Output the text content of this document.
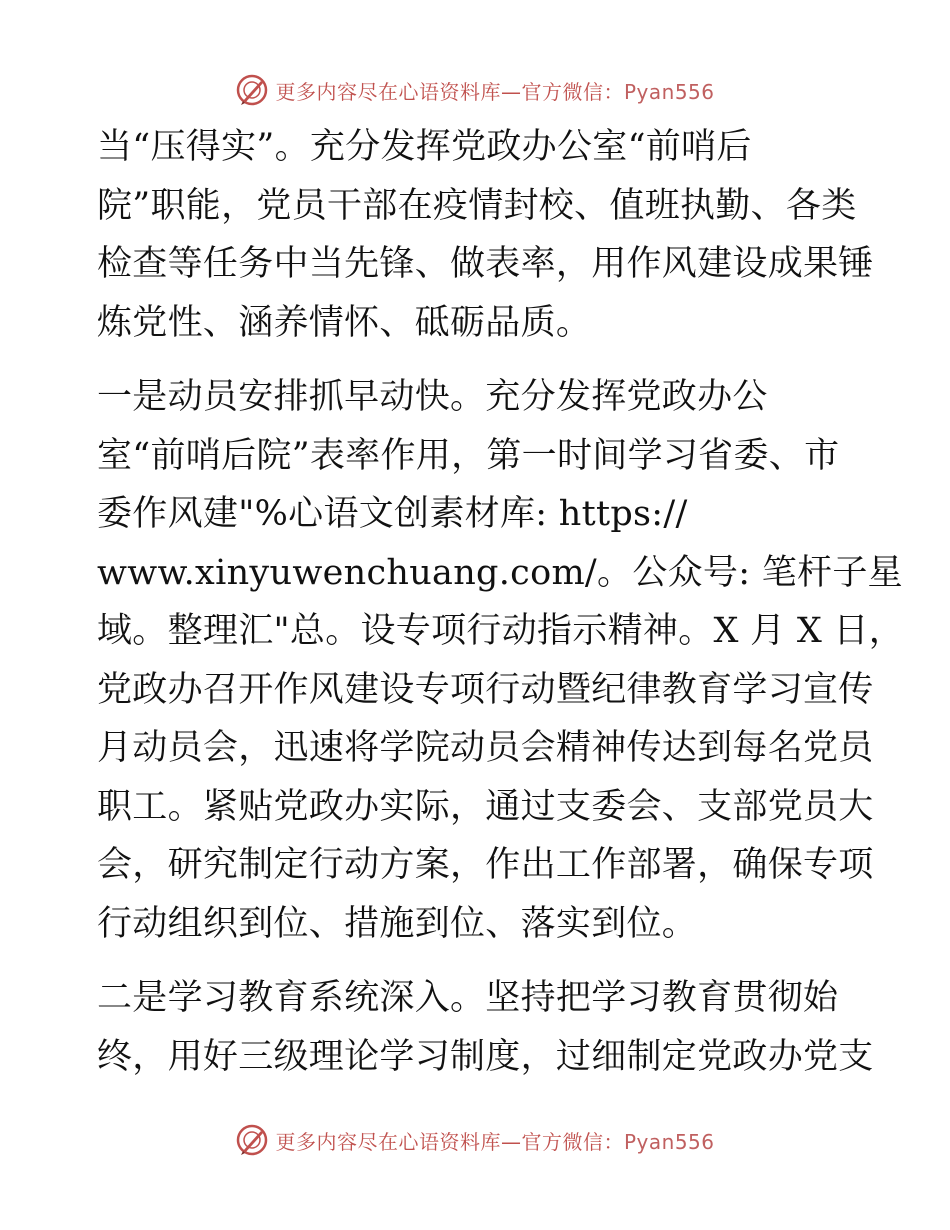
更多内容尽在心语资料库—官方微信：Pyan556

当“压得实”。充分发挥党政办公室“前哨后
院”职能，党员干部在疫情封校、值班执勤、各类
检查等任务中当先锋、做表率，用作风建设成果锤
炼党性、涵养情怀、砥砺品质。

一是动员安排抓早动快。充分发挥党政办公
室“前哨后院”表率作用，第一时间学习省委、市
委作风建"%心语文创素材库: https://
www.xinyuwenchuang.com/。公众号: 笔杆子星
域。整理汇"总。设专项行动指示精神。X 月 X 日，
党政办召开作风建设专项行动暨纪律教育学习宣传
月动员会，迅速将学院动员会精神传达到每名党员
职工。紧贴党政办实际，通过支委会、支部党员大
会，研究制定行动方案，作出工作部署，确保专项
行动组织到位、措施到位、落实到位。

二是学习教育系统深入。坚持把学习教育贯彻始
终，用好三级理论学习制度，过细制定党政办党支

更多内容尽在心语资料库—官方微信：Pyan556
